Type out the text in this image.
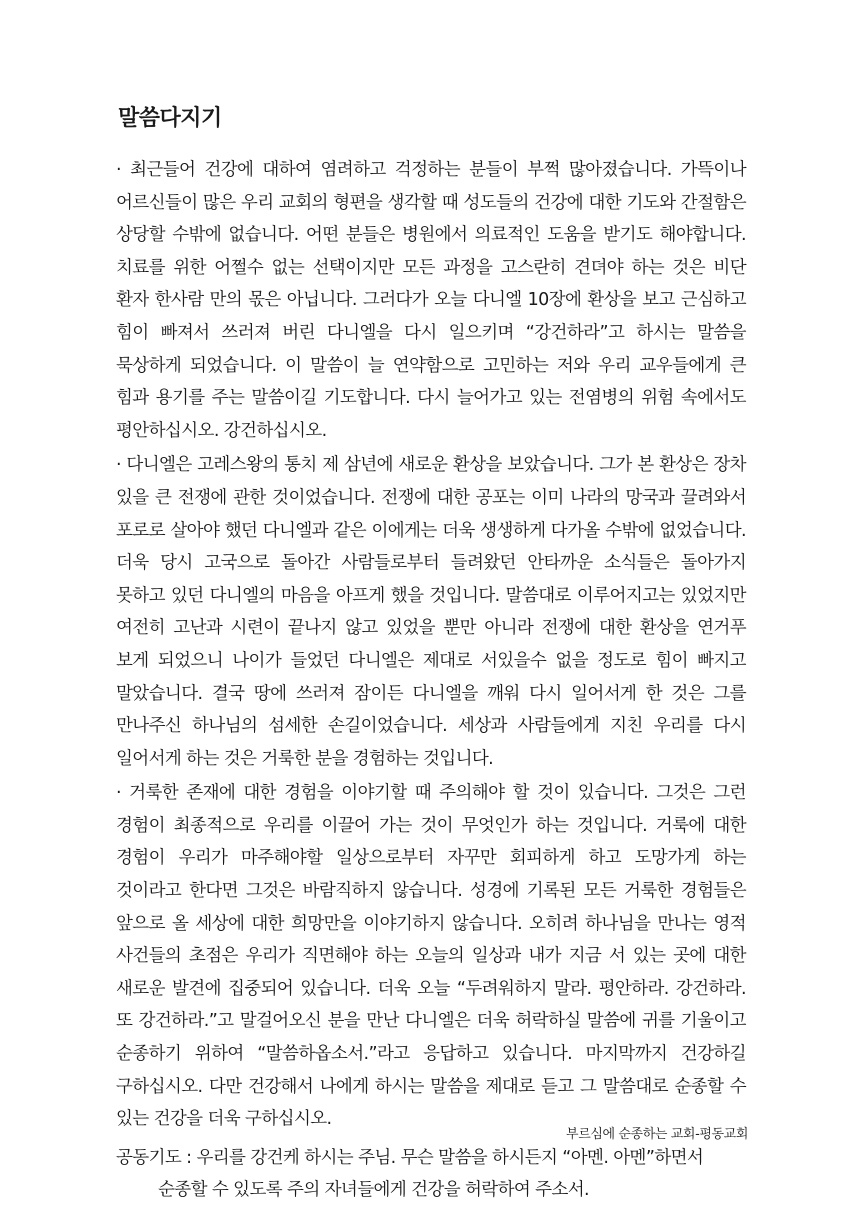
말씀다지기

· 최근들어 건강에 대하여 염려하고 걱정하는 분들이 부쩍 많아졌습니다. 가뜩이나 어르신들이 많은 우리 교회의 형편을 생각할 때 성도들의 건강에 대한 기도와 간절함은 상당할 수밖에 없습니다. 어떤 분들은 병원에서 의료적인 도움을 받기도 해야합니다. 치료를 위한 어쩔수 없는 선택이지만 모든 과정을 고스란히 견뎌야 하는 것은 비단 환자 한사람 만의 몫은 아닙니다. 그러다가 오늘 다니엘 10장에 환상을 보고 근심하고 힘이 빠져서 쓰러져 버린 다니엘을 다시 일으키며 “강건하라”고 하시는 말씀을 묵상하게 되었습니다. 이 말씀이 늘 연약함으로 고민하는 저와 우리 교우들에게 큰 힘과 용기를 주는 말씀이길 기도합니다. 다시 늘어가고 있는 전염병의 위험 속에서도 평안하십시오. 강건하십시오.

· 다니엘은 고레스왕의 통치 제 삼년에 새로운 환상을 보았습니다. 그가 본 환상은 장차 있을 큰 전쟁에 관한 것이었습니다. 전쟁에 대한 공포는 이미 나라의 망국과 끌려와서 포로로 살아야 했던 다니엘과 같은 이에게는 더욱 생생하게 다가올 수밖에 없었습니다. 더욱 당시 고국으로 돌아간 사람들로부터 들려왔던 안타까운 소식들은 돌아가지 못하고 있던 다니엘의 마음을 아프게 했을 것입니다. 말씀대로 이루어지고는 있었지만 여전히 고난과 시련이 끝나지 않고 있었을 뿐만 아니라 전쟁에 대한 환상을 연거푸 보게 되었으니 나이가 들었던 다니엘은 제대로 서있을수 없을 정도로 힘이 빠지고 말았습니다. 결국 땅에 쓰러져 잠이든 다니엘을 깨워 다시 일어서게 한 것은 그를 만나주신 하나님의 섬세한 손길이었습니다. 세상과 사람들에게 지친 우리를 다시 일어서게 하는 것은 거룩한 분을 경험하는 것입니다.

· 거룩한 존재에 대한 경험을 이야기할 때 주의해야 할 것이 있습니다. 그것은 그런 경험이 최종적으로 우리를 이끌어 가는 것이 무엇인가 하는 것입니다. 거룩에 대한 경험이 우리가 마주해야할 일상으로부터 자꾸만 회피하게 하고 도망가게 하는 것이라고 한다면 그것은 바람직하지 않습니다. 성경에 기록된 모든 거룩한 경험들은 앞으로 올 세상에 대한 희망만을 이야기하지 않습니다. 오히려 하나님을 만나는 영적 사건들의 초점은 우리가 직면해야 하는 오늘의 일상과 내가 지금 서 있는 곳에 대한 새로운 발견에 집중되어 있습니다. 더욱 오늘 “두려워하지 말라. 평안하라. 강건하라. 또 강건하라.”고 말걸어오신 분을 만난 다니엘은 더욱 허락하실 말씀에 귀를 기울이고 순종하기 위하여 “말씀하옵소서.”라고 응답하고 있습니다. 마지막까지 건강하길 구하십시오. 다만 건강해서 나에게 하시는 말씀을 제대로 듣고 그 말씀대로 순종할 수 있는 건강을 더욱 구하십시오.

공동기도 : 우리를 강건케 하시는 주님. 무슨 말씀을 하시든지 “아멘. 아멘”하면서
순종할 수 있도록 주의 자녀들에게 건강을 허락하여 주소서.
부르심에 순종하는 교회-평동교회
